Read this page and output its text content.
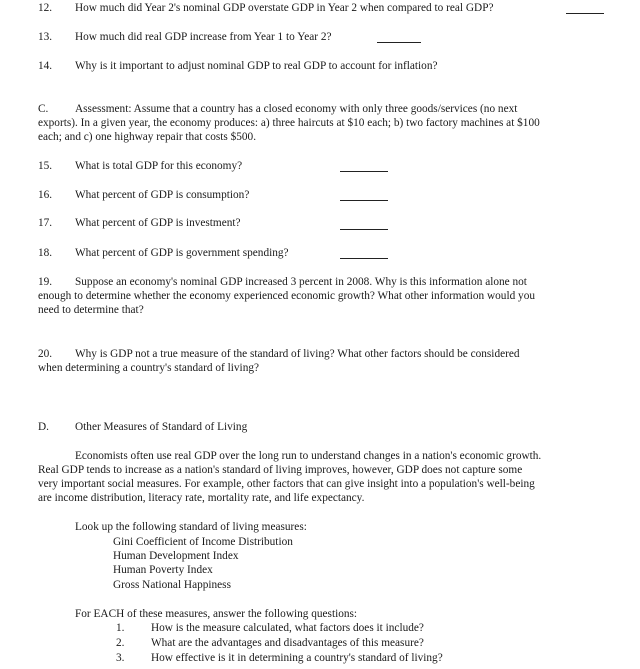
12. How much did Year 2's nominal GDP overstate GDP in Year 2 when compared to real GDP?
13. How much did real GDP increase from Year 1 to Year 2?
14. Why is it important to adjust nominal GDP to real GDP to account for inflation?
C. Assessment: Assume that a country has a closed economy with only three goods/services (no next
exports). In a given year, the economy produces: a) three haircuts at $10 each; b) two factory machines at $100
each; and c) one highway repair that costs $500.
15. What is total GDP for this economy?
16. What percent of GDP is consumption?
17. What percent of GDP is investment?
18. What percent of GDP is government spending?
19. Suppose an economy's nominal GDP increased 3 percent in 2008. Why is this information alone not
enough to determine whether the economy experienced economic growth? What other information would you
need to determine that?
20. Why is GDP not a true measure of the standard of living? What other factors should be considered
when determining a country's standard of living?
D. Other Measures of Standard of Living
Economists often use real GDP over the long run to understand changes in a nation's economic growth.
Real GDP tends to increase as a nation's standard of living improves, however, GDP does not capture some
very important social measures. For example, other factors that can give insight into a population's well-being
are income distribution, literacy rate, mortality rate, and life expectancy.
Look up the following standard of living measures:
Gini Coefficient of Income Distribution
Human Development Index
Human Poverty Index
Gross National Happiness
For EACH of these measures, answer the following questions:
1. How is the measure calculated, what factors does it include?
2. What are the advantages and disadvantages of this measure?
3. How effective is it in determining a country's standard of living?
